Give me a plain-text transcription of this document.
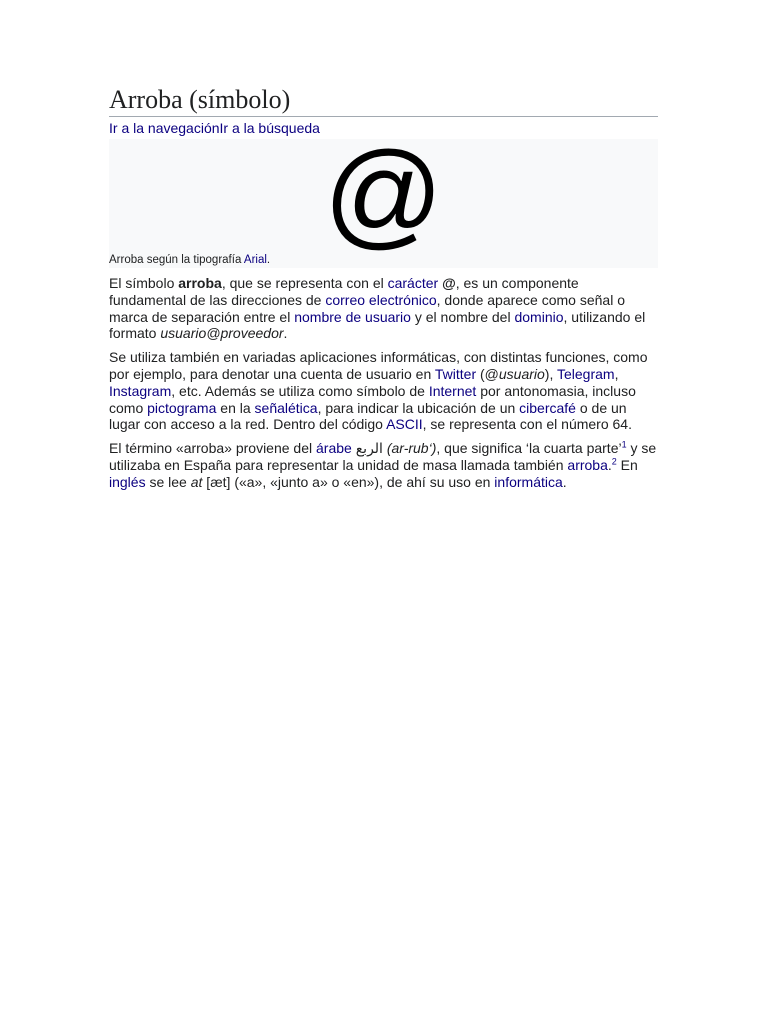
Arroba (símbolo)
Ir a la navegaciónIr a la búsqueda @
Arroba según la tipografía Arial.

El símbolo arroba, que se representa con el carácter @, es un componente fundamental de las direcciones de correo electrónico, donde aparece como señal o marca de separación entre el nombre de usuario y el nombre del dominio, utilizando el formato usuario@proveedor.

Se utiliza también en variadas aplicaciones informáticas, con distintas funciones, como por ejemplo, para denotar una cuenta de usuario en Twitter (@usuario), Telegram, Instagram, etc. Además se utiliza como símbolo de Internet por antonomasia, incluso como pictograma en la señalética, para indicar la ubicación de un cibercafé o de un lugar con acceso a la red. Dentro del código ASCII, se representa con el número 64.

El término «arroba» proviene del árabe الربع (ar-rub‘), que significa ‘la cuarta parte’$^1$ y se utilizaba en España para representar la unidad de masa llamada también arroba.$^2$ En inglés se lee at [æt] («a», «junto a» o «en»), de ahí su uso en informática.
